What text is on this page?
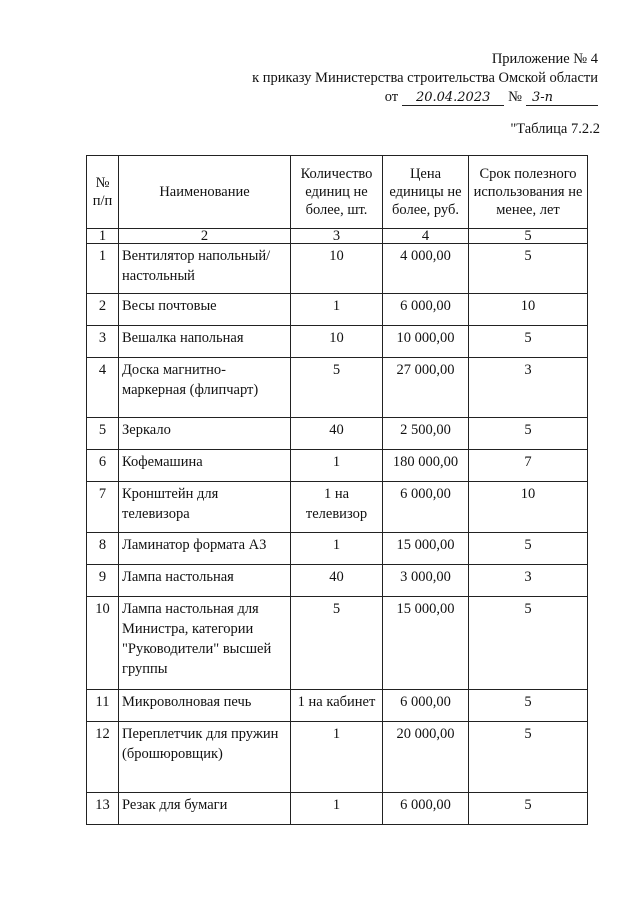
Приложение № 4
к приказу Министерства строительства Омской области
от	20.04.2023	№ 3-п
"Таблица 7.2.2
№ п/п	Наименование	Количество единиц не более, шт.	Цена единицы не более, руб.	Срок полезного использования не менее, лет
1	2	3	4	5
1	Вентилятор напольный/настольный	10	4 000,00	5
2	Весы почтовые	1	6 000,00	10
3	Вешалка напольная	10	10 000,00	5
4	Доска магнитно-маркерная (флипчарт)	5	27 000,00	3
5	Зеркало	40	2 500,00	5
6	Кофемашина	1	180 000,00	7
7	Кронштейн для телевизора	1 на телевизор	6 000,00	10
8	Ламинатор формата А3	1	15 000,00	5
9	Лампа настольная	40	3 000,00	3
10	Лампа настольная для Министра, категории "Руководители" высшей группы	5	15 000,00	5
11	Микроволновая печь	1 на кабинет	6 000,00	5
12	Переплетчик для пружин (брошюровщик)	1	20 000,00	5
13	Резак для бумаги	1	6 000,00	5
